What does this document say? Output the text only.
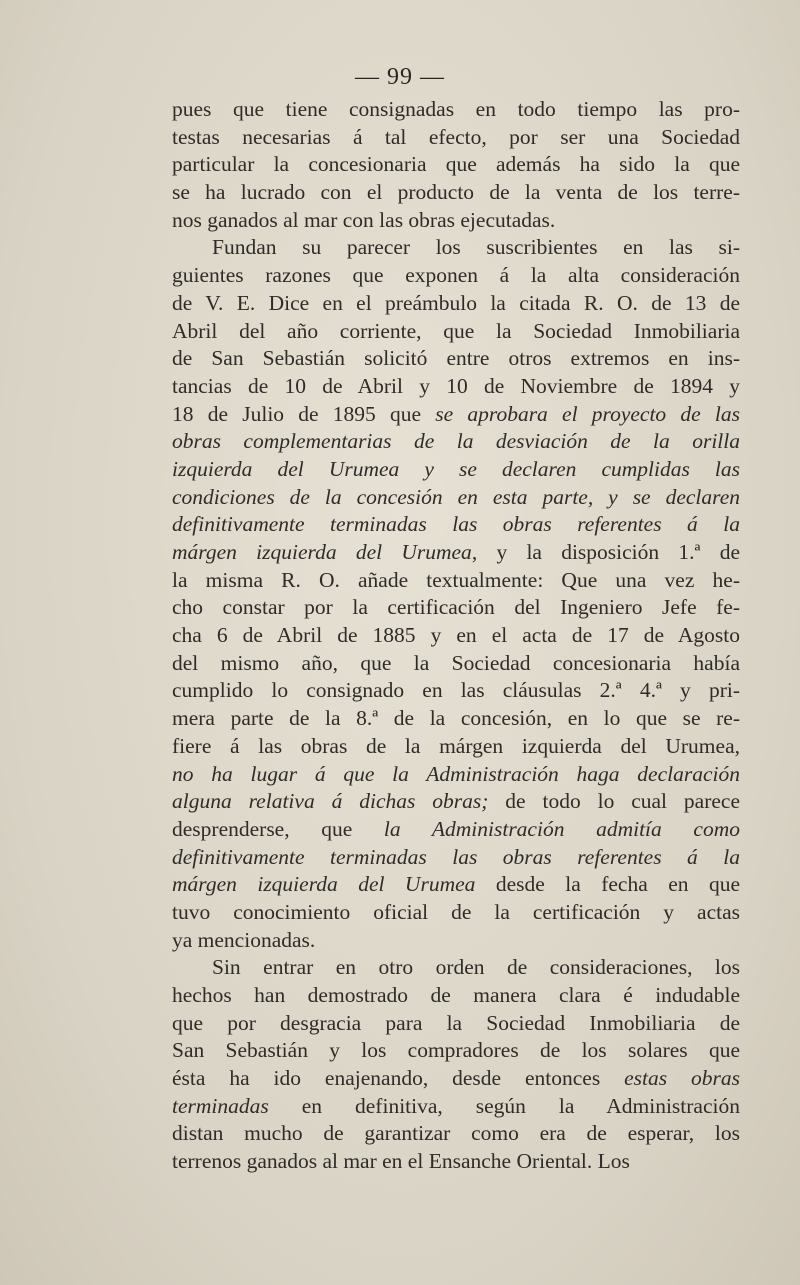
— 99 —
pues que tiene consignadas en todo tiempo las pro-
testas necesarias á tal efecto, por ser una Sociedad
particular la concesionaria que además ha sido la que
se ha lucrado con el producto de la venta de los terre-
nos ganados al mar con las obras ejecutadas.
Fundan su parecer los suscribientes en las si-
guientes razones que exponen á la alta consideración
de V. E. Dice en el preámbulo la citada R. O. de 13 de
Abril del año corriente, que la Sociedad Inmobiliaria
de San Sebastián solicitó entre otros extremos en ins-
tancias de 10 de Abril y 10 de Noviembre de 1894 y
18 de Julio de 1895 que se aprobara el proyecto de las
obras complementarias de la desviación de la orilla
izquierda del Urumea y se declaren cumplidas las
condiciones de la concesión en esta parte, y se declaren
definitivamente terminadas las obras referentes á la
márgen izquierda del Urumea, y la disposición 1.ª de
la misma R. O. añade textualmente: Que una vez he-
cho constar por la certificación del Ingeniero Jefe fe-
cha 6 de Abril de 1885 y en el acta de 17 de Agosto
del mismo año, que la Sociedad concesionaria había
cumplido lo consignado en las cláusulas 2.ª 4.ª y pri-
mera parte de la 8.ª de la concesión, en lo que se re-
fiere á las obras de la márgen izquierda del Urumea,
no ha lugar á que la Administración haga declaración
alguna relativa á dichas obras; de todo lo cual parece
desprenderse, que la Administración admitía como
definitivamente terminadas las obras referentes á la
márgen izquierda del Urumea desde la fecha en que
tuvo conocimiento oficial de la certificación y actas
ya mencionadas.
Sin entrar en otro orden de consideraciones, los
hechos han demostrado de manera clara é indudable
que por desgracia para la Sociedad Inmobiliaria de
San Sebastián y los compradores de los solares que
ésta ha ido enajenando, desde entonces estas obras
terminadas en definitiva, según la Administración
distan mucho de garantizar como era de esperar, los
terrenos ganados al mar en el Ensanche Oriental. Los
